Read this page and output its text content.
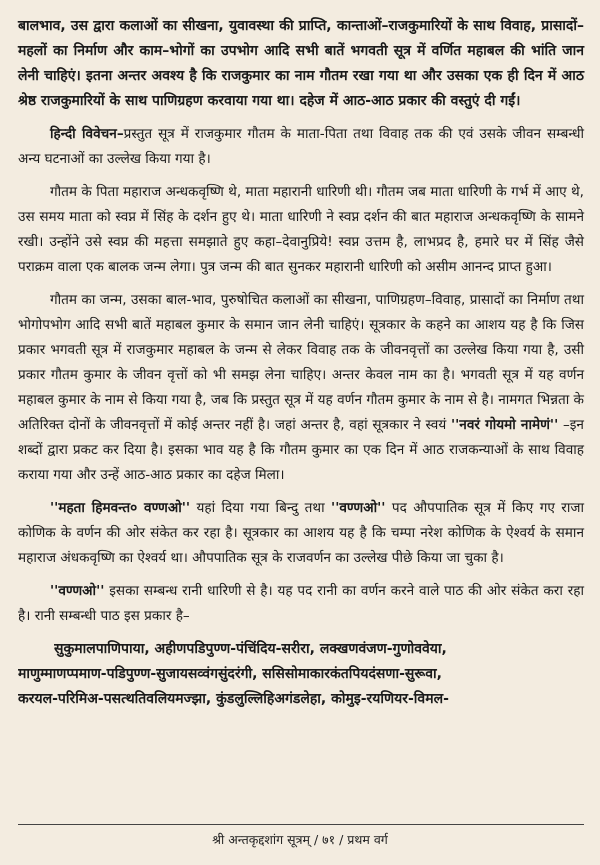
बालभाव, उस द्वारा कलाओं का सीखना, युवावस्था की प्राप्ति, कान्ताओं–राजकुमारियों के साथ विवाह, प्रासादों–महलों का निर्माण और काम–भोगों का उपभोग आदि सभी बातें भगवती सूत्र में वर्णित महाबल की भांति जान लेनी चाहिएं। इतना अन्तर अवश्य है कि राजकुमार का नाम गौतम रखा गया था और उसका एक ही दिन में आठ श्रेष्ठ राजकुमारियों के साथ पाणिग्रहण करवाया गया था। दहेज में आठ-आठ प्रकार की वस्तुएं दी गईं।

हिन्दी विवेचन–प्रस्तुत सूत्र में राजकुमार गौतम के माता-पिता तथा विवाह तक की एवं उसके जीवन सम्बन्धी अन्य घटनाओं का उल्लेख किया गया है।

गौतम के पिता महाराज अन्धकवृष्णि थे, माता महारानी धारिणी थी। गौतम जब माता धारिणी के गर्भ में आए थे, उस समय माता को स्वप्न में सिंह के दर्शन हुए थे। माता धारिणी ने स्वप्न दर्शन की बात महाराज अन्धकवृष्णि के सामने रखी। उन्होंने उसे स्वप्न की महत्ता समझाते हुए कहा–देवानुप्रिये! स्वप्न उत्तम है, लाभप्रद है, हमारे घर में सिंह जैसे पराक्रम वाला एक बालक जन्म लेगा। पुत्र जन्म की बात सुनकर महारानी धारिणी को असीम आनन्द प्राप्त हुआ।

गौतम का जन्म, उसका बाल-भाव, पुरुषोचित कलाओं का सीखना, पाणिग्रहण–विवाह, प्रासादों का निर्माण तथा भोगोपभोग आदि सभी बातें महाबल कुमार के समान जान लेनी चाहिएं। सूत्रकार के कहने का आशय यह है कि जिस प्रकार भगवती सूत्र में राजकुमार महाबल के जन्म से लेकर विवाह तक के जीवनवृत्तों का उल्लेख किया गया है, उसी प्रकार गौतम कुमार के जीवन वृत्तों को भी समझ लेना चाहिए। अन्तर केवल नाम का है। भगवती सूत्र में यह वर्णन महाबल कुमार के नाम से किया गया है, जब कि प्रस्तुत सूत्र में यह वर्णन गौतम कुमार के नाम से है। नामगत भिन्नता के अतिरिक्त दोनों के जीवनवृत्तों में कोई अन्तर नहीं है। जहां अन्तर है, वहां सूत्रकार ने स्वयं ''नवरं गोयमो नामेणं'' –इन शब्दों द्वारा प्रकट कर दिया है। इसका भाव यह है कि गौतम कुमार का एक दिन में आठ राजकन्याओं के साथ विवाह कराया गया और उन्हें आठ-आठ प्रकार का दहेज मिला।

''महता हिमवन्त० वण्णओ'' यहां दिया गया बिन्दु तथा ''वण्णओ'' पद औपपातिक सूत्र में किए गए राजा कोणिक के वर्णन की ओर संकेत कर रहा है। सूत्रकार का आशय यह है कि चम्पा नरेश कोणिक के ऐश्वर्य के समान महाराज अंधकवृष्णि का ऐश्वर्य था। औपपातिक सूत्र के राजवर्णन का उल्लेख पीछे किया जा चुका है।

''वण्णओ'' इसका सम्बन्ध रानी धारिणी से है। यह पद रानी का वर्णन करने वाले पाठ की ओर संकेत करा रहा है। रानी सम्बन्धी पाठ इस प्रकार है–

सुकुमालपाणिपाया, अहीणपडिपुण्ण-पंचिंदिय-सरीरा, लक्खणवंजण-गुणोववेया,
माणुम्माणप्पमाण-पडिपुण्ण-सुजायसव्वंगसुंदरंगी, ससिसोमाकारकंतपियदंसणा-सुरूवा,
करयल-परिमिअ-पसत्थतिवलियमज्झा, कुंडलुल्लिहिअगंडलेहा, कोमुइ-रयणियर-विमल-
श्री अन्तकृद्दशांग सूत्रम् / ७१ / प्रथम वर्ग
